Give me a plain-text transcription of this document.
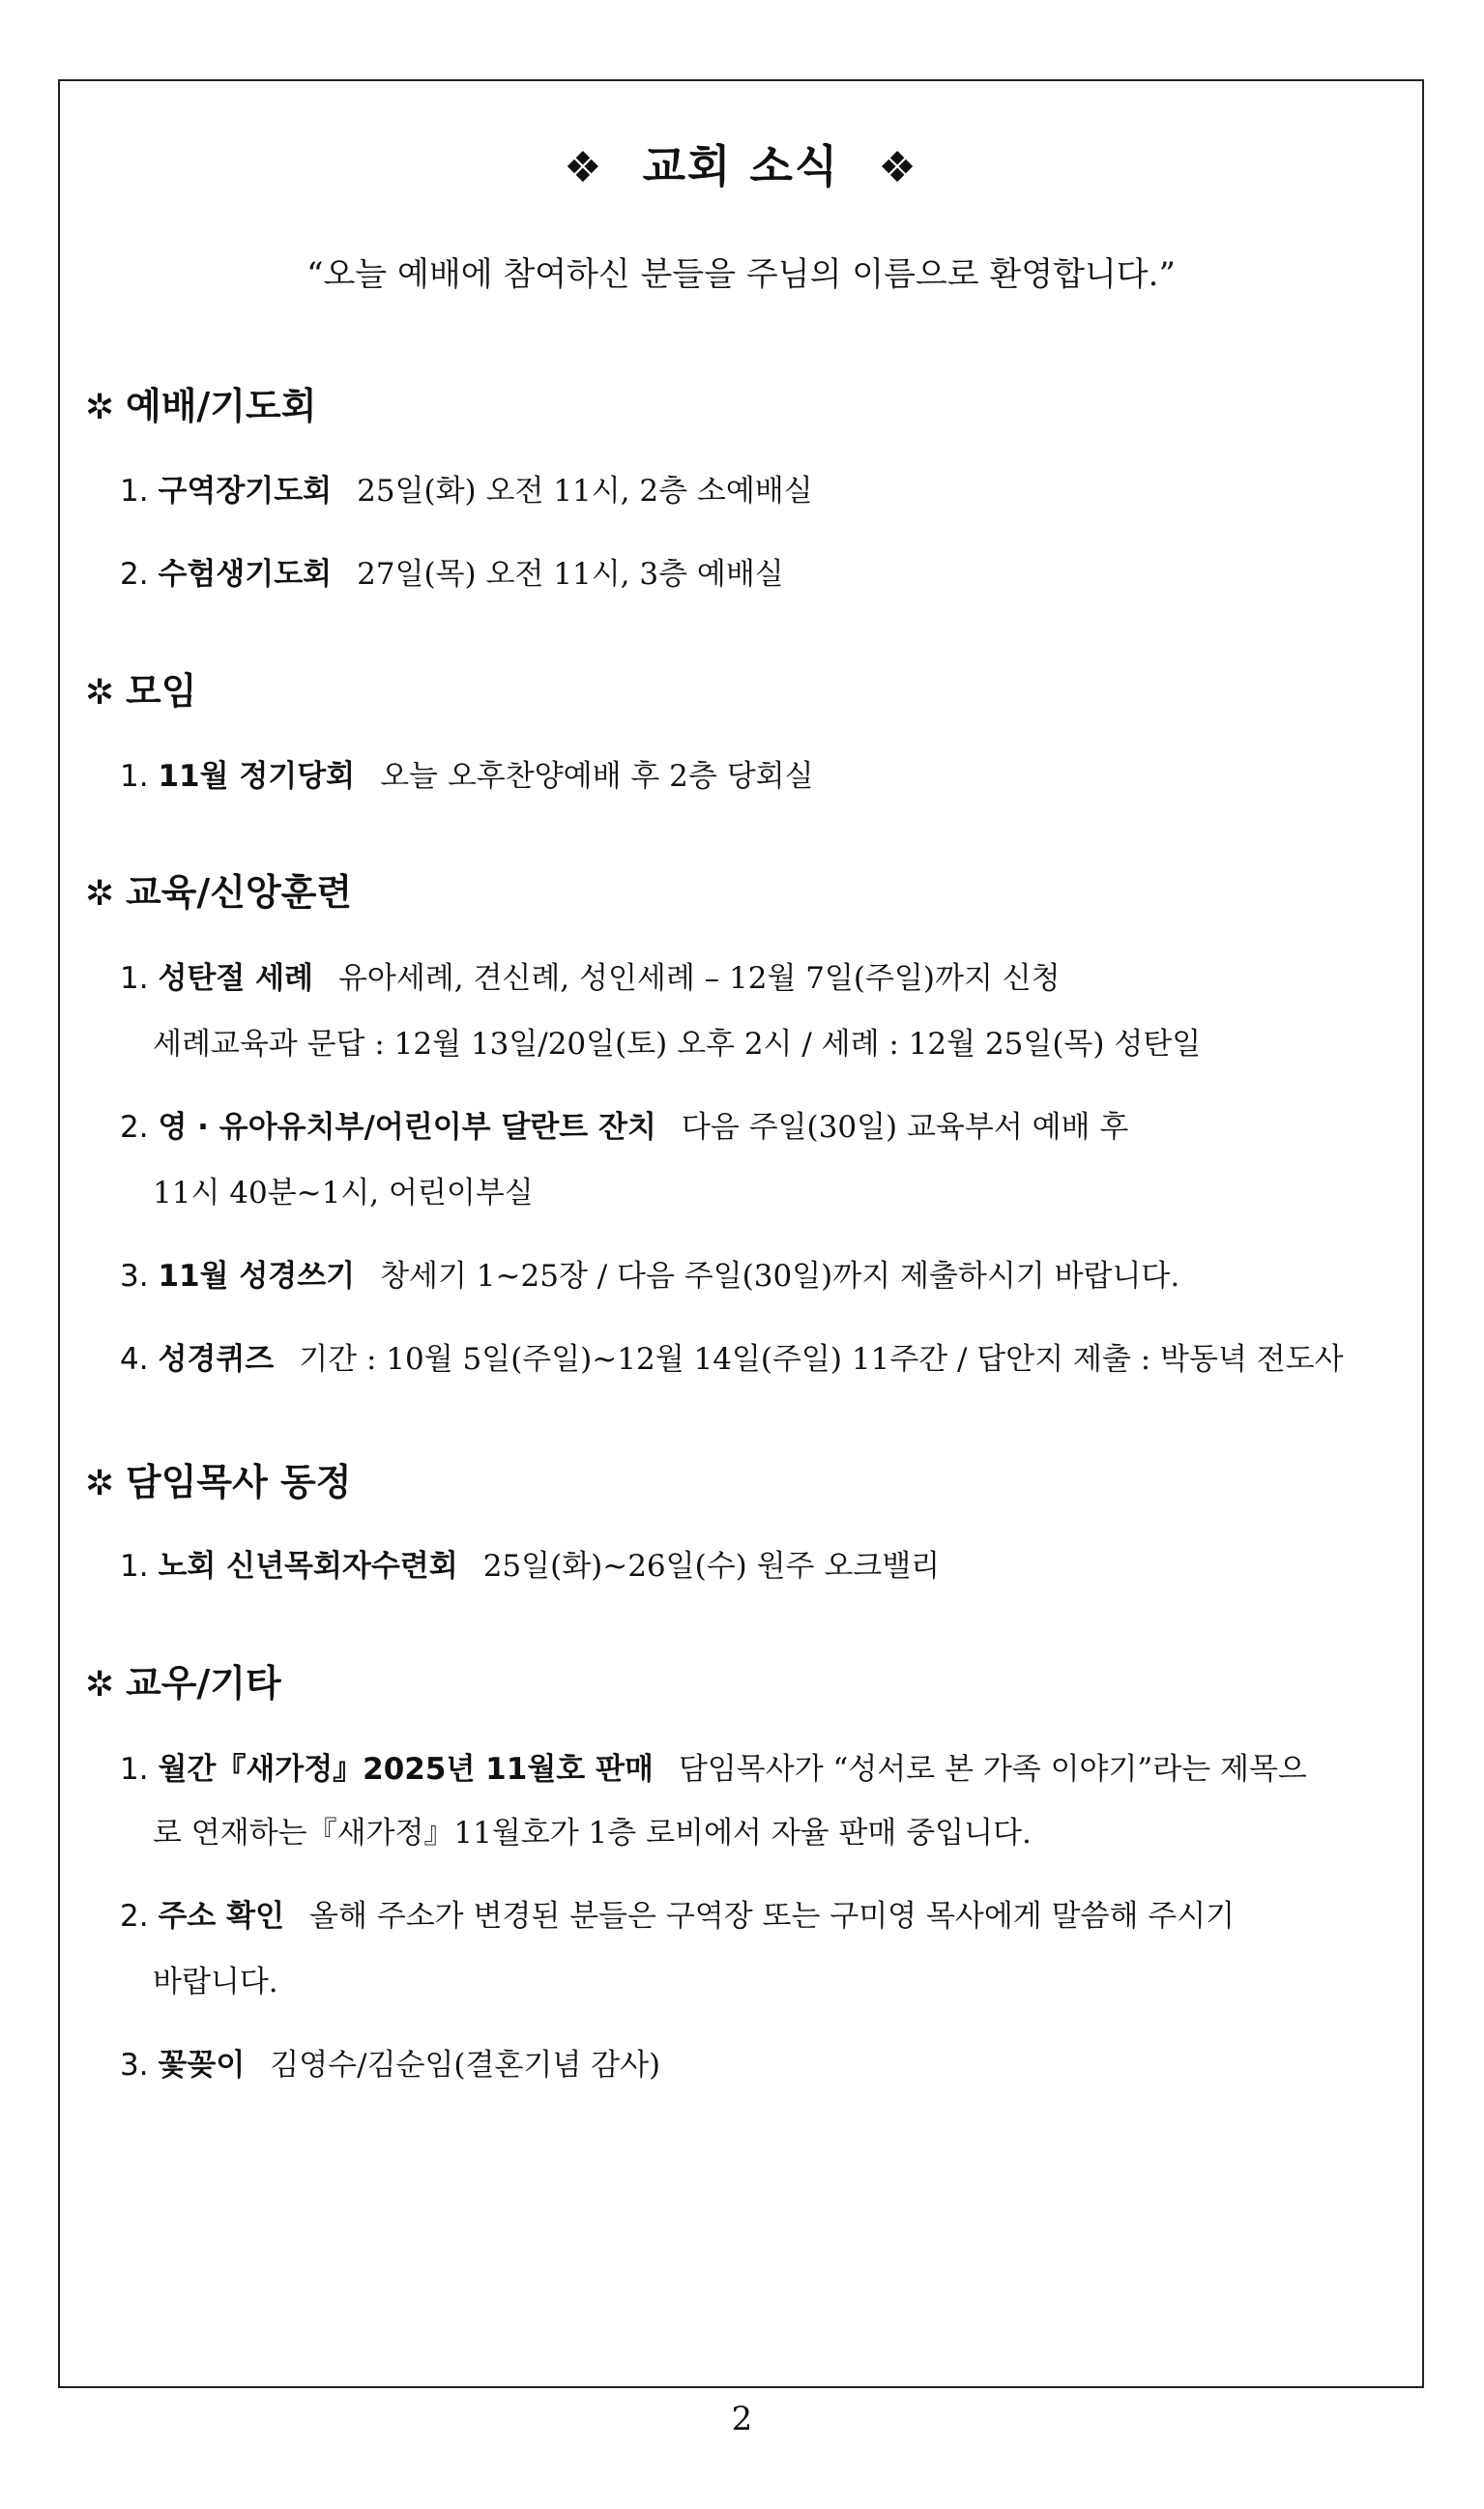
❖ 교회 소식 ❖
“오늘 예배에 참여하신 분들을 주님의 이름으로 환영합니다.”
✲ 예배/기도회
1. 구역장기도회 25일(화) 오전 11시, 2층 소예배실
2. 수험생기도회 27일(목) 오전 11시, 3층 예배실
✲ 모임
1. 11월 정기당회 오늘 오후찬양예배 후 2층 당회실
✲ 교육/신앙훈련
1. 성탄절 세례 유아세례, 견신례, 성인세례 – 12월 7일(주일)까지 신청
세례교육과 문답 : 12월 13일/20일(토) 오후 2시 / 세례 : 12월 25일(목) 성탄일
2. 영 · 유아유치부/어린이부 달란트 잔치 다음 주일(30일) 교육부서 예배 후
11시 40분~1시, 어린이부실
3. 11월 성경쓰기 창세기 1~25장 / 다음 주일(30일)까지 제출하시기 바랍니다.
4. 성경퀴즈 기간 : 10월 5일(주일)~12월 14일(주일) 11주간 / 답안지 제출 : 박동녁 전도사
✲ 담임목사 동정
1. 노회 신년목회자수련회 25일(화)~26일(수) 원주 오크밸리
✲ 교우/기타
1. 월간『새가정』2025년 11월호 판매 담임목사가 “성서로 본 가족 이야기”라는 제목으
로 연재하는『새가정』11월호가 1층 로비에서 자율 판매 중입니다.
2. 주소 확인 올해 주소가 변경된 분들은 구역장 또는 구미영 목사에게 말씀해 주시기
바랍니다.
3. 꽃꽂이 김영수/김순임(결혼기념 감사)
2
